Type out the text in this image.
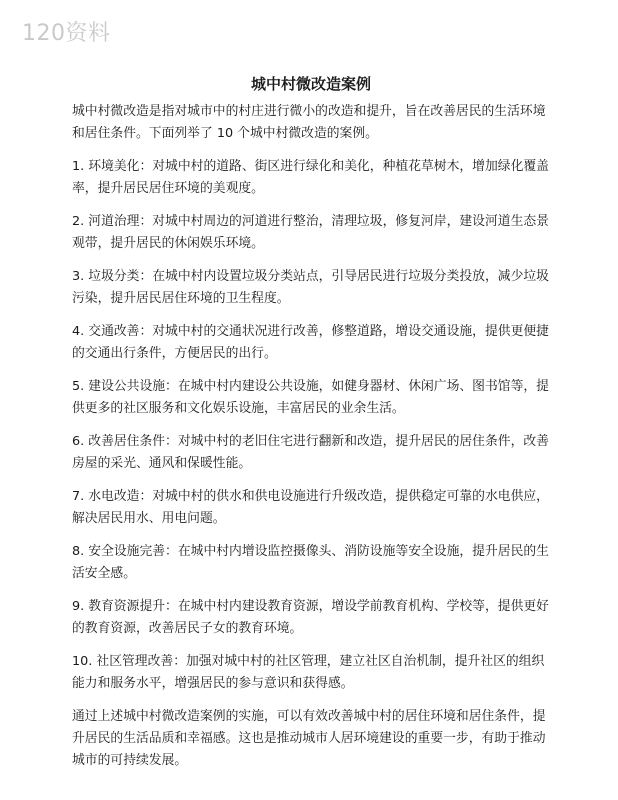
120资料
城中村微改造案例

城中村微改造是指对城市中的村庄进行微小的改造和提升，旨在改善居民的生活环境和居住条件。下面列举了 10 个城中村微改造的案例。

1. 环境美化：对城中村的道路、街区进行绿化和美化，种植花草树木，增加绿化覆盖率，提升居民居住环境的美观度。

2. 河道治理：对城中村周边的河道进行整治，清理垃圾，修复河岸，建设河道生态景观带，提升居民的休闲娱乐环境。

3. 垃圾分类：在城中村内设置垃圾分类站点，引导居民进行垃圾分类投放，减少垃圾污染，提升居民居住环境的卫生程度。

4. 交通改善：对城中村的交通状况进行改善，修整道路，增设交通设施，提供更便捷的交通出行条件，方便居民的出行。

5. 建设公共设施：在城中村内建设公共设施，如健身器材、休闲广场、图书馆等，提供更多的社区服务和文化娱乐设施，丰富居民的业余生活。

6. 改善居住条件：对城中村的老旧住宅进行翻新和改造，提升居民的居住条件，改善房屋的采光、通风和保暖性能。

7. 水电改造：对城中村的供水和供电设施进行升级改造，提供稳定可靠的水电供应，解决居民用水、用电问题。

8. 安全设施完善：在城中村内增设监控摄像头、消防设施等安全设施，提升居民的生活安全感。

9. 教育资源提升：在城中村内建设教育资源，增设学前教育机构、学校等，提供更好的教育资源，改善居民子女的教育环境。

10. 社区管理改善：加强对城中村的社区管理，建立社区自治机制，提升社区的组织能力和服务水平，增强居民的参与意识和获得感。

通过上述城中村微改造案例的实施，可以有效改善城中村的居住环境和居住条件，提升居民的生活品质和幸福感。这也是推动城市人居环境建设的重要一步，有助于推动城市的可持续发展。
